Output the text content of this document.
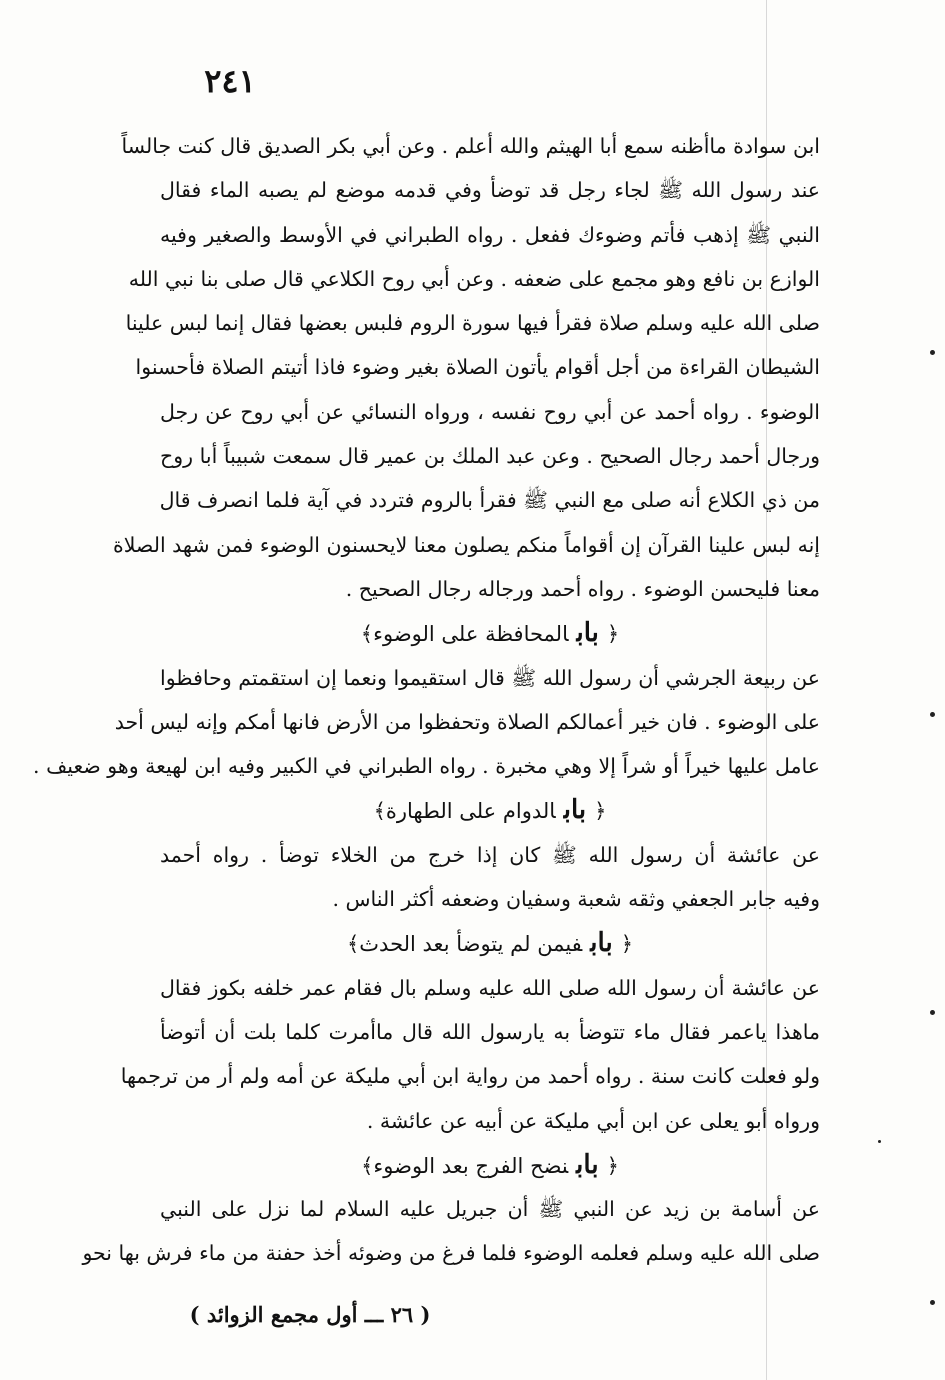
٢٤١
ابن سوادة ماأظنه سمع أبا الهيثم والله أعلم . وعن أبي بكر الصديق قال كنت جالساً
عند رسول الله ﷺ لجاء رجل قد توضأ وفي قدمه موضع لم يصبه الماء فقال
النبي ﷺ إذهب فأتم وضوءك ففعل . رواه الطبراني في الأوسط والصغير وفيه
الوازع بن نافع وهو مجمع على ضعفه . وعن أبي روح الكلاعي قال صلى بنا نبي الله
صلى الله عليه وسلم صلاة فقرأ فيها سورة الروم فلبس بعضها فقال إنما لبس علينا
الشيطان القراءة من أجل أقوام يأتون الصلاة بغير وضوء فاذا أتيتم الصلاة فأحسنوا
الوضوء . رواه أحمد عن أبي روح نفسه ، ورواه النسائي عن أبي روح عن رجل
ورجال أحمد رجال الصحيح . وعن عبد الملك بن عمير قال سمعت شبيباً أبا روح
من ذي الكلاع أنه صلى مع النبي ﷺ فقرأ بالروم فتردد في آية فلما انصرف قال
إنه لبس علينا القرآن إن أقواماً منكم يصلون معنا لايحسنون الوضوء فمن شهد الصلاة
معنا فليحسن الوضوء . رواه أحمد ورجاله رجال الصحيح .
﴿بابالمحافظة على الوضوء﴾
عن ربيعة الجرشي أن رسول الله ﷺ قال استقيموا ونعما إن استقمتم وحافظوا
على الوضوء . فان خير أعمالكم الصلاة وتحفظوا من الأرض فانها أمكم وإنه ليس أحد
عامل عليها خيراً أو شراً إلا وهي مخبرة . رواه الطبراني في الكبير وفيه ابن لهيعة وهو ضعيف .
﴿بابالدوام على الطهارة﴾
عن عائشة أن رسول الله ﷺ كان إذا خرج من الخلاء توضأ . رواه أحمد
وفيه جابر الجعفي وثقه شعبة وسفيان وضعفه أكثر الناس .
﴿بابفيمن لم يتوضأ بعد الحدث﴾
عن عائشة أن رسول الله صلى الله عليه وسلم بال فقام عمر خلفه بكوز فقال
ماهذا ياعمر فقال ماء تتوضأ به يارسول الله قال ماأمرت كلما بلت أن أتوضأ
ولو فعلت كانت سنة . رواه أحمد من رواية ابن أبي مليكة عن أمه ولم أر من ترجمها
ورواه أبو يعلى عن ابن أبي مليكة عن أبيه عن عائشة .
﴿بابنضح الفرج بعد الوضوء﴾
عن أسامة بن زيد عن النبي ﷺ أن جبريل عليه السلام لما نزل على النبي
صلى الله عليه وسلم فعلمه الوضوء فلما فرغ من وضوئه أخذ حفنة من ماء فرش بها نحو
( ٢٦ ـــ أول مجمع الزوائد )
